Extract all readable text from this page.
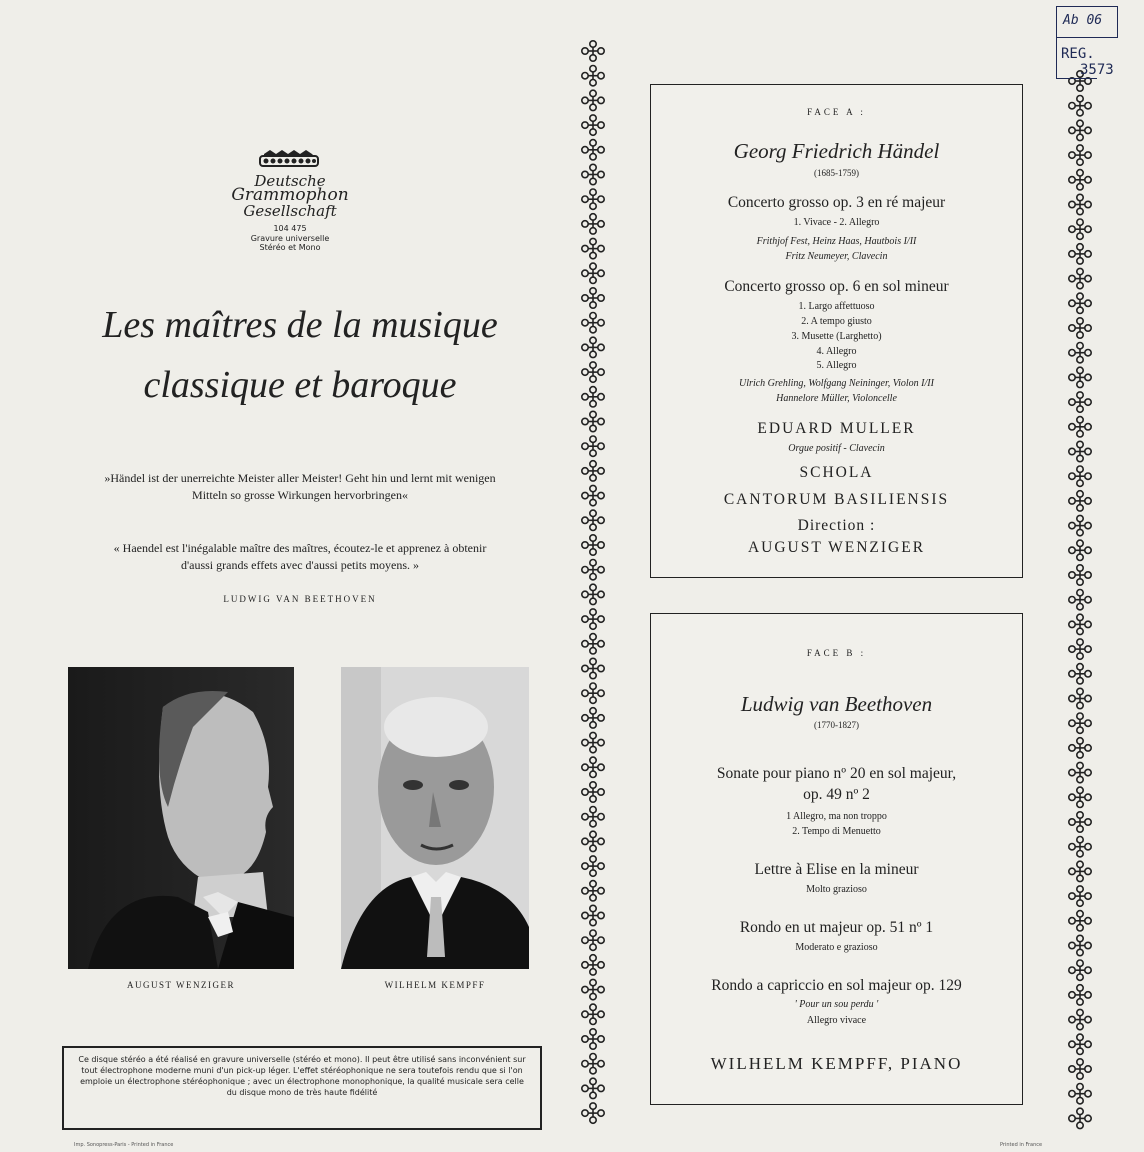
Deutsche
Grammophon
Gesellschaft
104 475
Gravure universelle
Stéréo et Mono
Les maîtres de la musique
classique et baroque
»Händel ist der unerreichte Meister aller Meister! Geht hin und lernt mit wenigen
Mitteln so grosse Wirkungen hervorbringen«
« Haendel est l'inégalable maître des maîtres, écoutez-le et apprenez à obtenir
d'aussi grands effets avec d'aussi petits moyens. »
LUDWIG VAN BEETHOVEN
AUGUST WENZIGER	WILHELM KEMPFF
Ce disque stéréo a été réalisé en gravure universelle (stéréo et mono). Il peut être utilisé sans inconvénient sur tout électrophone moderne muni d'un pick-up léger. L'effet stéréophonique ne sera toutefois rendu que si l'on emploie un électrophone stéréophonique ; avec un électrophone monophonique, la qualité musicale sera celle du disque mono de très haute fidélité
FACE A :
Georg Friedrich Händel
(1685-1759)
Concerto grosso op. 3 en ré majeur
1. Vivace - 2. Allegro
Frithjof Fest, Heinz Haas, Hautbois I/II
Fritz Neumeyer, Clavecin
Concerto grosso op. 6 en sol mineur
1. Largo affettuoso
2. A tempo giusto
3. Musette (Larghetto)
4. Allegro
5. Allegro
Ulrich Grehling, Wolfgang Neininger, Violon I/II
Hannelore Müller, Violoncelle
EDUARD MULLER
Orgue positif - Clavecin
SCHOLA
CANTORUM BASILIENSIS
Direction :
AUGUST WENZIGER
FACE B :
Ludwig van Beethoven
(1770-1827)
Sonate pour piano nº 20 en sol majeur,
op. 49 nº 2
1 Allegro, ma non troppo
2. Tempo di Menuetto
Lettre à Elise en la mineur
Molto grazioso
Rondo en ut majeur op. 51 nº 1
Moderato e grazioso
Rondo a capriccio en sol majeur op. 129
' Pour un sou perdu '
Allegro vivace
WILHELM KEMPFF, PIANO
Ab 06
REG.
3573
Imp. Sonopress-Paris - Printed in France	Printed in France
